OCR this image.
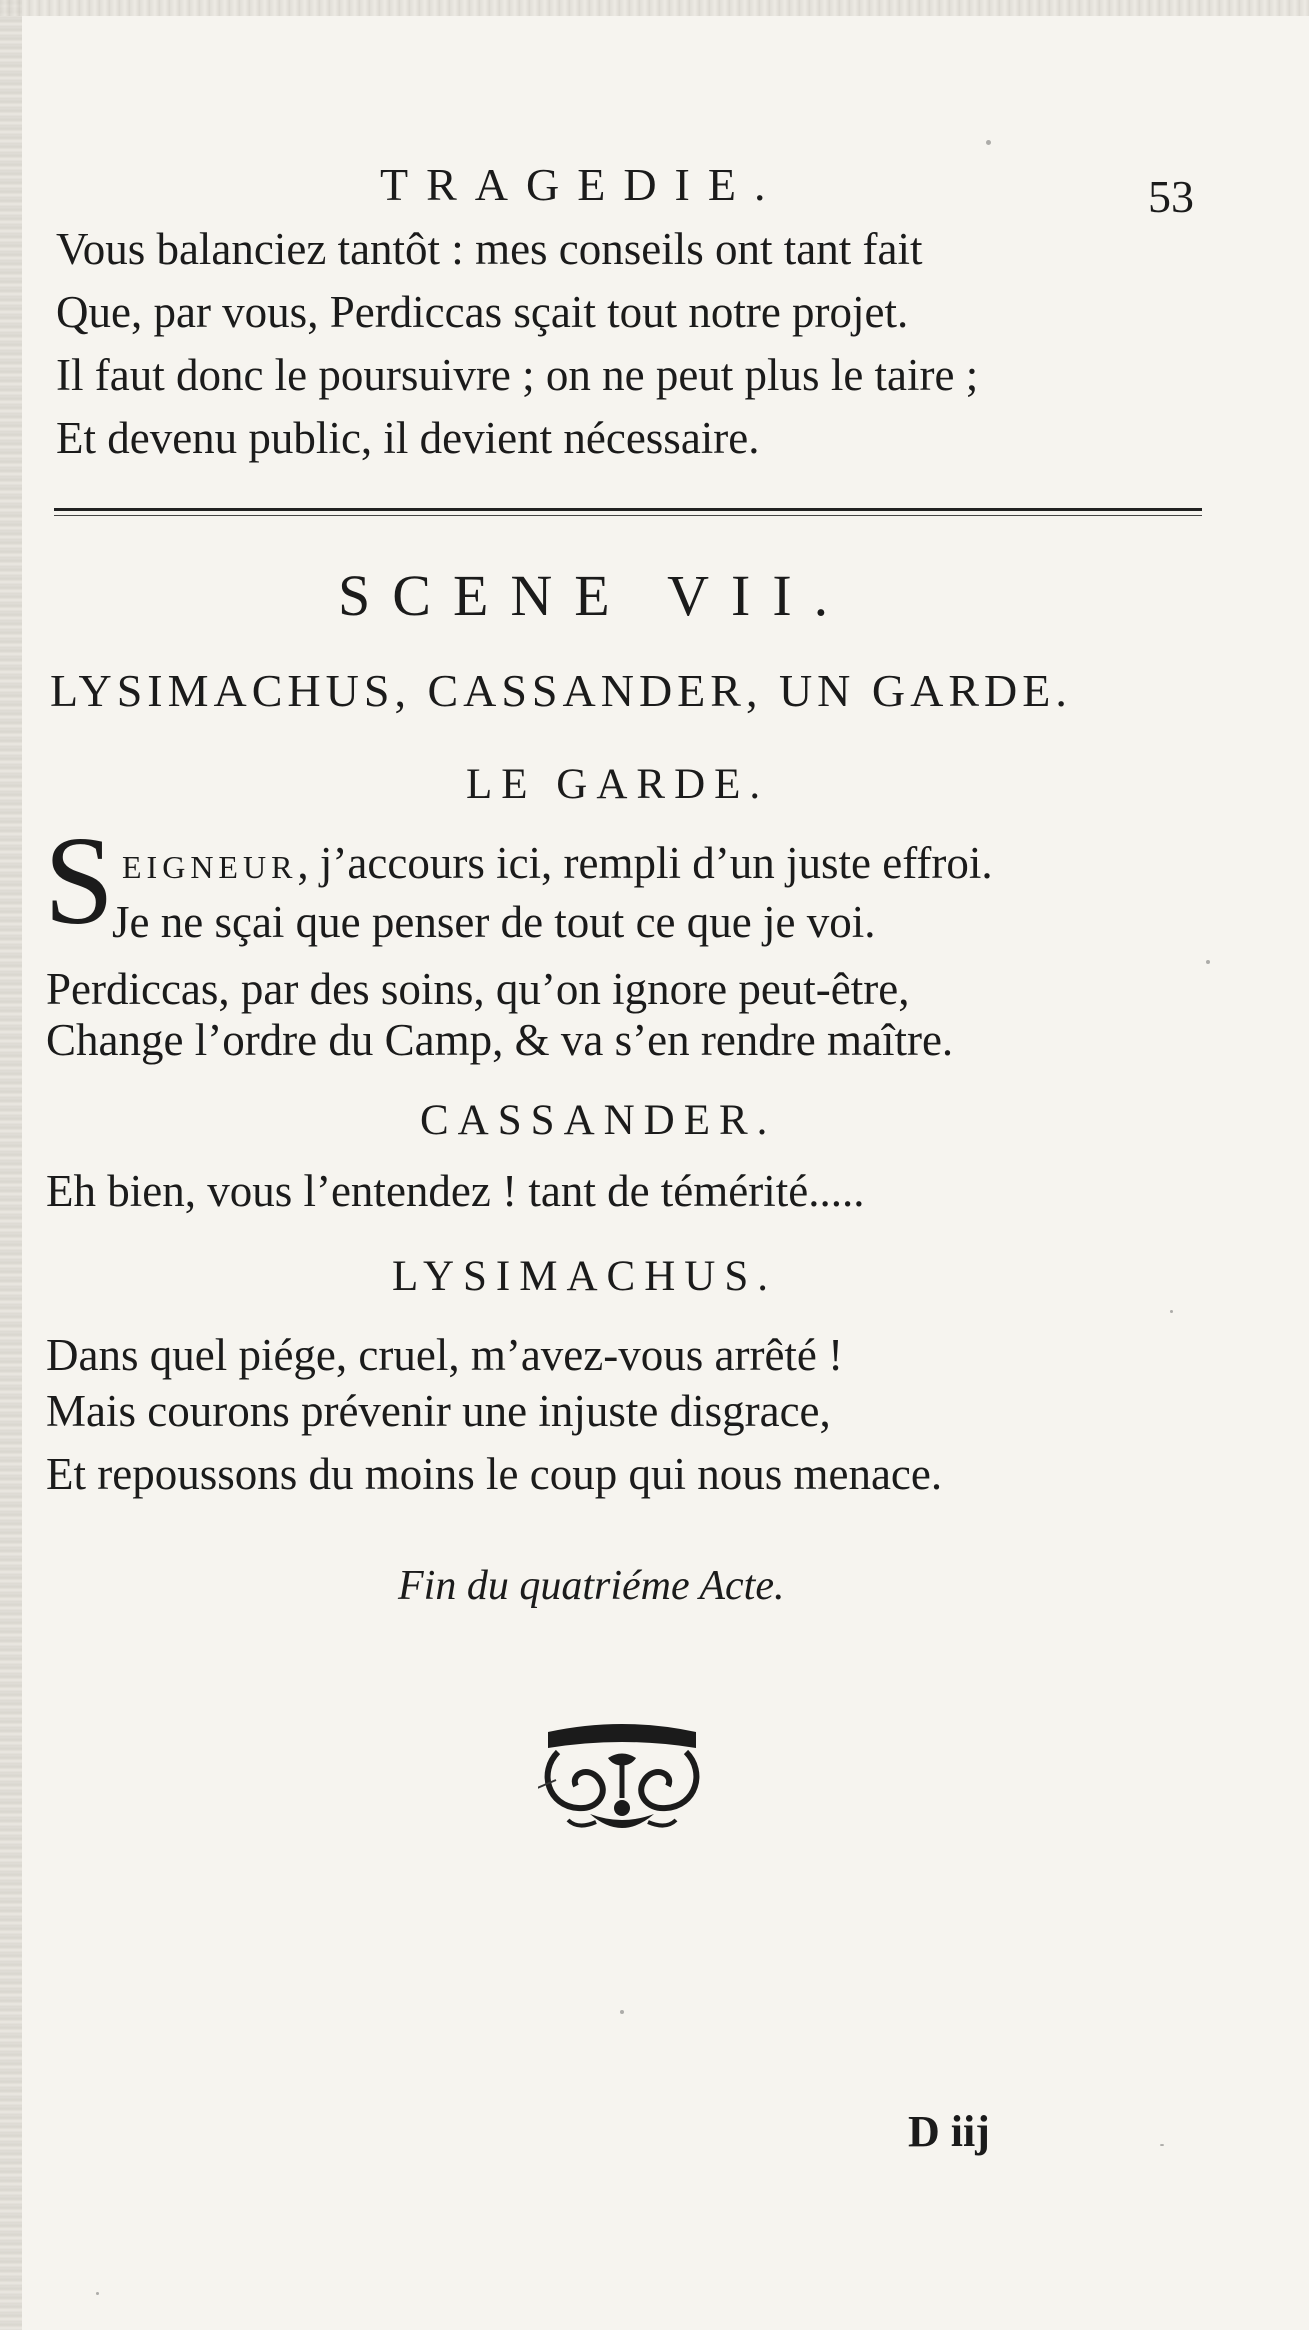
TRAGEDIE.	53
Vous balanciez tantôt : mes conseils ont tant fait
Que, par vous, Perdiccas sçait tout notre projet.
Il faut donc le poursuivre ; on ne peut plus le taire ;
Et devenu public, il devient nécessaire.
SCENE VII.
LYSIMACHUS, CASSANDER, UN GARDE.
LE GARDE.
S EIGNEUR, j’accours ici, rempli d’un juste effroi.
Je ne sçai que penser de tout ce que je voi.
Perdiccas, par des soins, qu’on ignore peut-être,
Change l’ordre du Camp, & va s’en rendre maître.
CASSANDER.
Eh bien, vous l’entendez ! tant de témérité.....
LYSIMACHUS.
Dans quel piége, cruel, m’avez-vous arrêté !
Mais courons prévenir une injuste disgrace,
Et repoussons du moins le coup qui nous menace.
Fin du quatriéme Acte.
D iij
